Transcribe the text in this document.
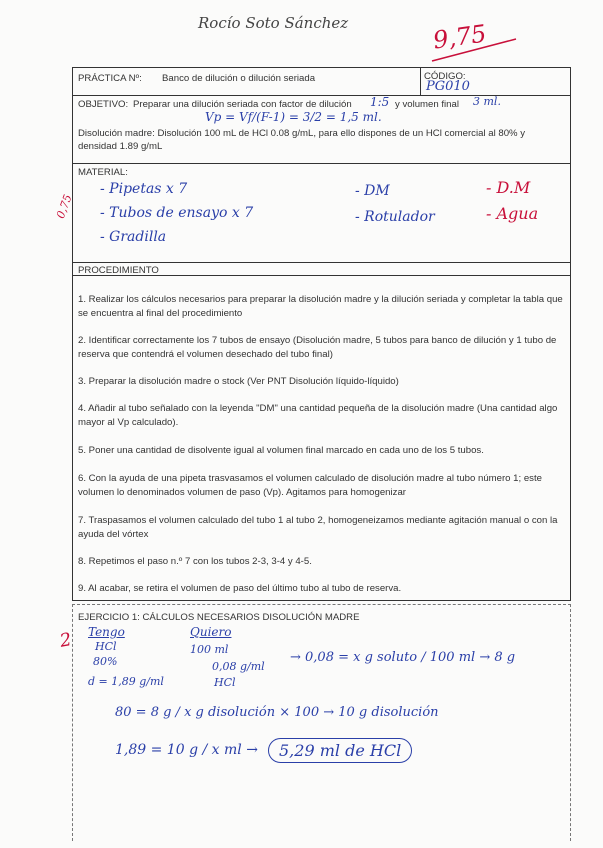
Rocío Soto Sánchez	9,75
PRÁCTICA Nº: Banco de dilución o dilución seriada	CÓDIGO:
PG010
OBJETIVO: Preparar una dilución seriada con factor de dilución 1:5 y volumen final 3 ml.
Vp = Vf/(F-1) = 3/2 = 1,5 ml.
Disolución madre: Disolución 100 mL de HCl 0.08 g/mL, para ello dispones de un HCl comercial al 80% y
densidad 1.89 g/mL
MATERIAL:
- Pipetas x 7
- Tubos de ensayo x 7
- Gradilla
- DM
- Rotulador
- D.M
- Agua
0,75
PROCEDIMIENTO
1. Realizar los cálculos necesarios para preparar la disolución madre y la dilución seriada y completar la tabla que se encuentra al final del procedimiento
2. Identificar correctamente los 7 tubos de ensayo (Disolución madre, 5 tubos para banco de dilución y 1 tubo de reserva que contendrá el volumen desechado del tubo final)
3. Preparar la disolución madre o stock (Ver PNT Disolución líquido-líquido)
4. Añadir al tubo señalado con la leyenda "DM" una cantidad pequeña de la disolución madre (Una cantidad algo mayor al Vp calculado).
5. Poner una cantidad de disolvente igual al volumen final marcado en cada uno de los 5 tubos.
6. Con la ayuda de una pipeta trasvasamos el volumen calculado de disolución madre al tubo número 1; este volumen lo denominados volumen de paso (Vp). Agitamos para homogenizar
7. Traspasamos el volumen calculado del tubo 1 al tubo 2, homogeneizamos mediante agitación manual o con la ayuda del vórtex
8. Repetimos el paso n.º 7 con los tubos 2-3, 3-4 y 4-5.
9. Al acabar, se retira el volumen de paso del último tubo al tubo de reserva.
EJERCICIO 1: CÁLCULOS NECESARIOS DISOLUCIÓN MADRE
2 Tengo
HCl
80%
d = 1,89 g/ml
Quiero
100 ml
0,08 g/ml
HCl
→ 0,08 = x g soluto / 100 ml → 8 g
80 = 8 g / x g disolución × 100 → 10 g disolución
1,89 = 10 g / x ml →	5,29 ml de HCl
